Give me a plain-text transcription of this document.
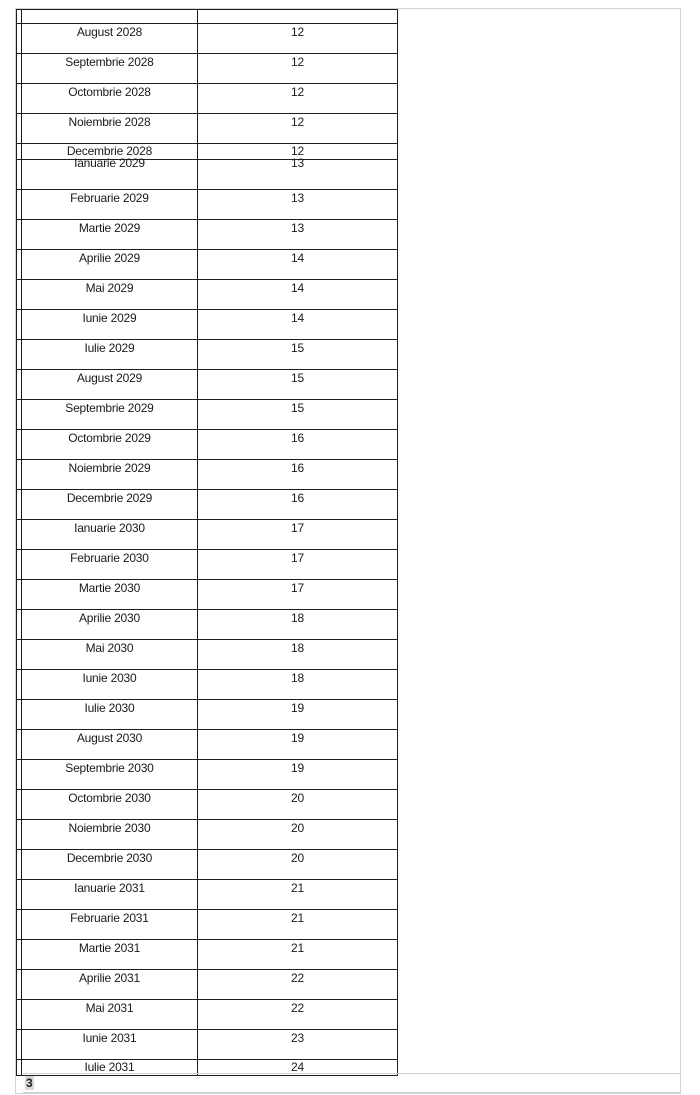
	August 2028	12
	Septembrie 2028	12
	Octombrie 2028	12
	Noiembrie 2028	12
	Decembrie 2028	12
	Ianuarie 2029	13
	Februarie 2029	13
	Martie 2029	13
	Aprilie 2029	14
	Mai 2029	14
	Iunie 2029	14
	Iulie 2029	15
	August 2029	15
	Septembrie 2029	15
	Octombrie 2029	16
	Noiembrie 2029	16
	Decembrie 2029	16
	Ianuarie 2030	17
	Februarie 2030	17
	Martie 2030	17
	Aprilie 2030	18
	Mai 2030	18
	Iunie 2030	18
	Iulie 2030	19
	August 2030	19
	Septembrie 2030	19
	Octombrie 2030	20
	Noiembrie 2030	20
	Decembrie 2030	20
	Ianuarie 2031	21
	Februarie 2031	21
	Martie 2031	21
	Aprilie 2031	22
	Mai 2031	22
	Iunie 2031	23
	Iulie 2031	24
3
